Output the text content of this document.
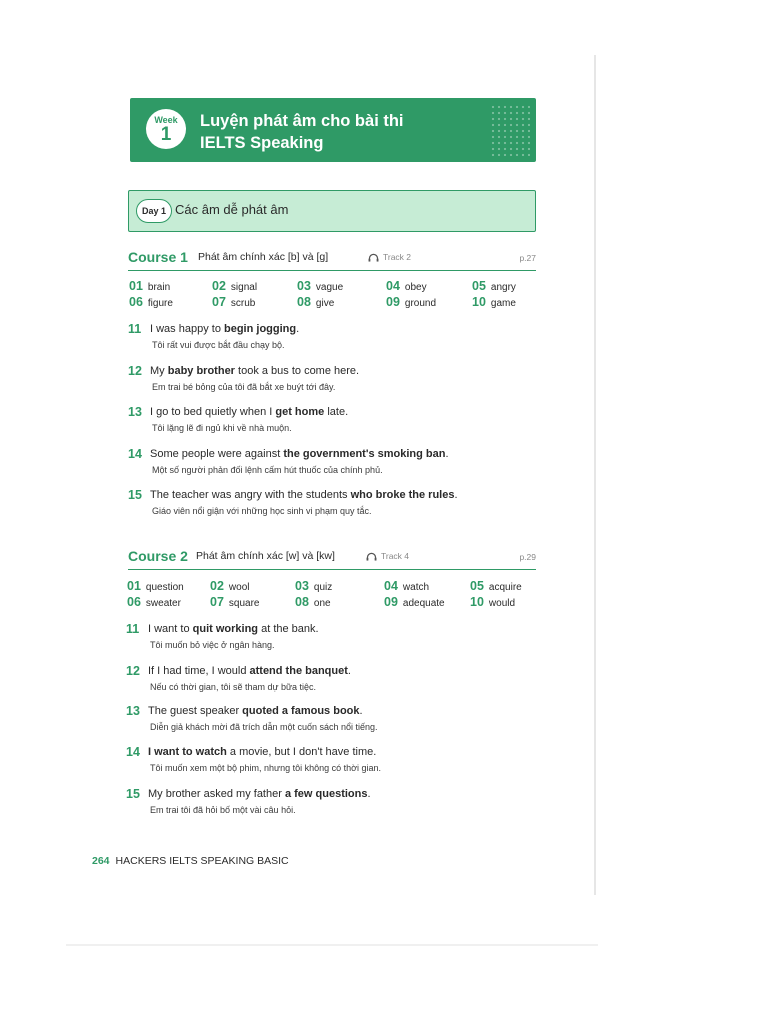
Week
1
Luyện phát âm cho bài thi
IELTS Speaking
Day 1 Các âm dễ phát âm
Course 1 Phát âm chính xác [b] và [g]	Track 2	p.27
01 brain	02 signal	03 vague	04 obey	05 angry
06 figure	07 scrub	08 give	09 ground	10 game
11 I was happy to begin jogging.
Tôi rất vui được bắt đầu chạy bộ.
12 My baby brother took a bus to come here.
Em trai bé bỏng của tôi đã bắt xe buýt tới đây.
13 I go to bed quietly when I get home late.
Tôi lặng lẽ đi ngủ khi về nhà muộn.
14 Some people were against the government's smoking ban.
Một số người phản đối lệnh cấm hút thuốc của chính phủ.
15 The teacher was angry with the students who broke the rules.
Giáo viên nổi giận với những học sinh vi phạm quy tắc.
Course 2 Phát âm chính xác [w] và [kw]	Track 4	p.29
01 question 02 wool	03 quiz	04 watch	05 acquire
06 sweater 07 square	08 one	09 adequate 10 would
11 I want to quit working at the bank.
Tôi muốn bỏ việc ở ngân hàng.
12 If I had time, I would attend the banquet.
Nếu có thời gian, tôi sẽ tham dự bữa tiệc.
13 The guest speaker quoted a famous book.
Diễn giả khách mời đã trích dẫn một cuốn sách nổi tiếng.
14 I want to watch a movie, but I don't have time.
Tôi muốn xem một bộ phim, nhưng tôi không có thời gian.
15 My brother asked my father a few questions.
Em trai tôi đã hỏi bố một vài câu hỏi.
264 HACKERS IELTS SPEAKING BASIC
